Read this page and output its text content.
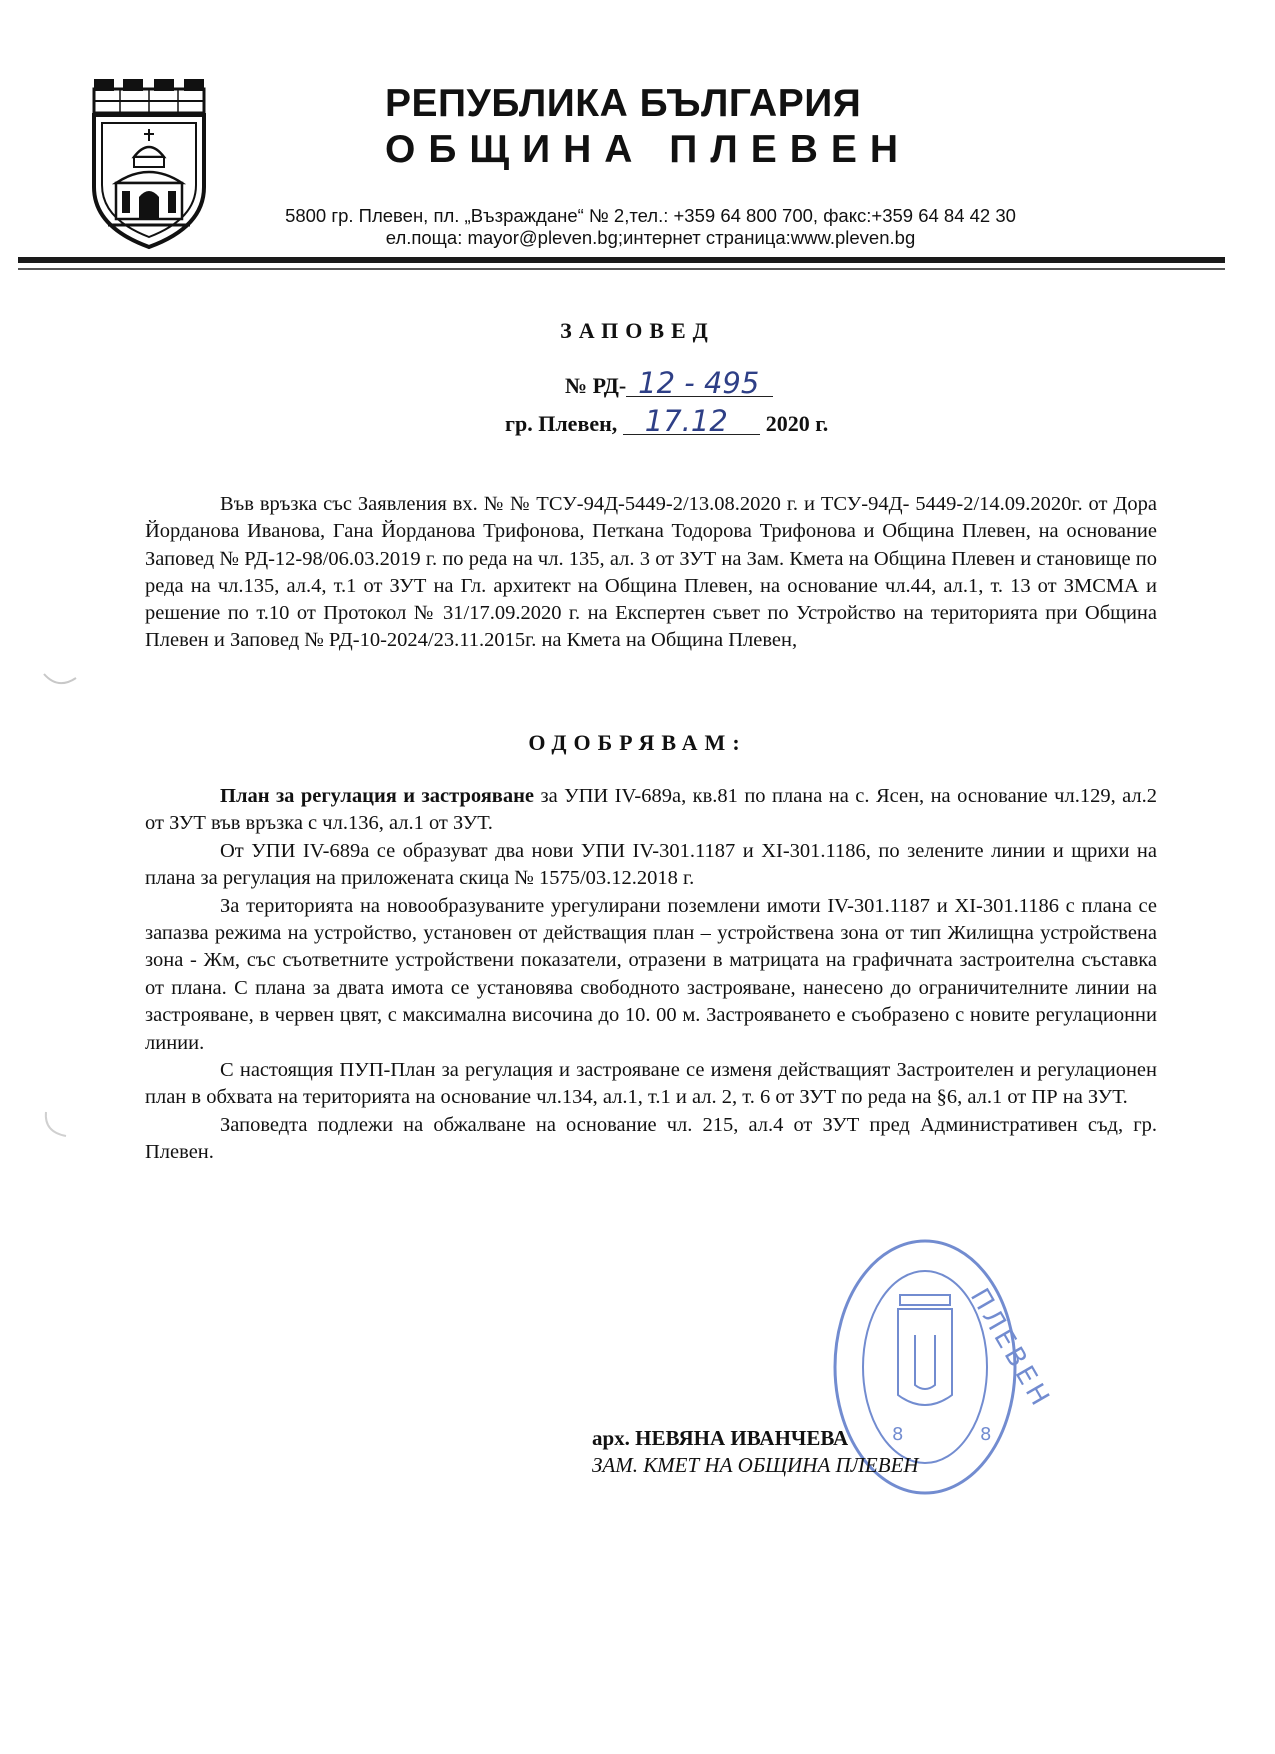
РЕПУБЛИКА БЪЛГАРИЯ
ОБЩИНА ПЛЕВЕН
5800 гр. Плевен, пл. „Възраждане“ № 2,тел.: +359 64 800 700, факс:+359 64 84 42 30
ел.поща: mayor@pleven.bg;интернет страница:www.pleven.bg
ЗАПОВЕД
№ РД- 12 - 495
гр. Плевен, 17.12 2020 г.
Във връзка със Заявления вх. № № ТСУ-94Д-5449-2/13.08.2020 г. и ТСУ-94Д- 5449-2/14.09.2020г. от Дора Йорданова Иванова, Гана Йорданова Трифонова, Петкана Тодорова Трифонова и Община Плевен, на основание Заповед № РД-12-98/06.03.2019 г. по реда на чл. 135, ал. 3 от ЗУТ на Зам. Кмета на Община Плевен и становище по реда на чл.135, ал.4, т.1 от ЗУТ на Гл. архитект на Община Плевен, на основание чл.44, ал.1, т. 13 от ЗМСМА и решение по т.10 от Протокол № 31/17.09.2020 г. на Експертен съвет по Устройство на територията при Община Плевен и Заповед № РД-10-2024/23.11.2015г. на Кмета на Община Плевен,
ОДОБРЯВАМ:

План за регулация и застрояване за УПИ IV-689а, кв.81 по плана на с. Ясен, на основание чл.129, ал.2 от ЗУТ във връзка с чл.136, ал.1 от ЗУТ.

От УПИ IV-689а се образуват два нови УПИ IV-301.1187 и XI-301.1186, по зелените линии и щрихи на плана за регулация на приложената скица № 1575/03.12.2018 г.

За територията на новообразуваните урегулирани поземлени имоти IV-301.1187 и XI-301.1186 с плана се запазва режима на устройство, установен от действащия план – устройствена зона от тип Жилищна устройствена зона - Жм, със съответните устройствени показатели, отразени в матрицата на графичната застроителна съставка от плана. С плана за двата имота се установява свободното застрояване, нанесено до ограничителните линии на застрояване, в червен цвят, с максимална височина до 10. 00 м. Застрояването е съобразено с новите регулационни линии.

С настоящия ПУП-План за регулация и застрояване се изменя действащият Застроителен и регулационен план в обхвата на територията на основание чл.134, ал.1, т.1 и ал. 2, т. 6 от ЗУТ по реда на §6, ал.1 от ПР на ЗУТ.

Заповедта подлежи на обжалване на основание чл. 215, ал.4 от ЗУТ пред Административен съд, гр. Плевен.

ПЛЕВЕН
8	8
арх. НЕВЯНА ИВАНЧЕВА
ЗАМ. КМЕТ НА ОБЩИНА ПЛЕВЕН
